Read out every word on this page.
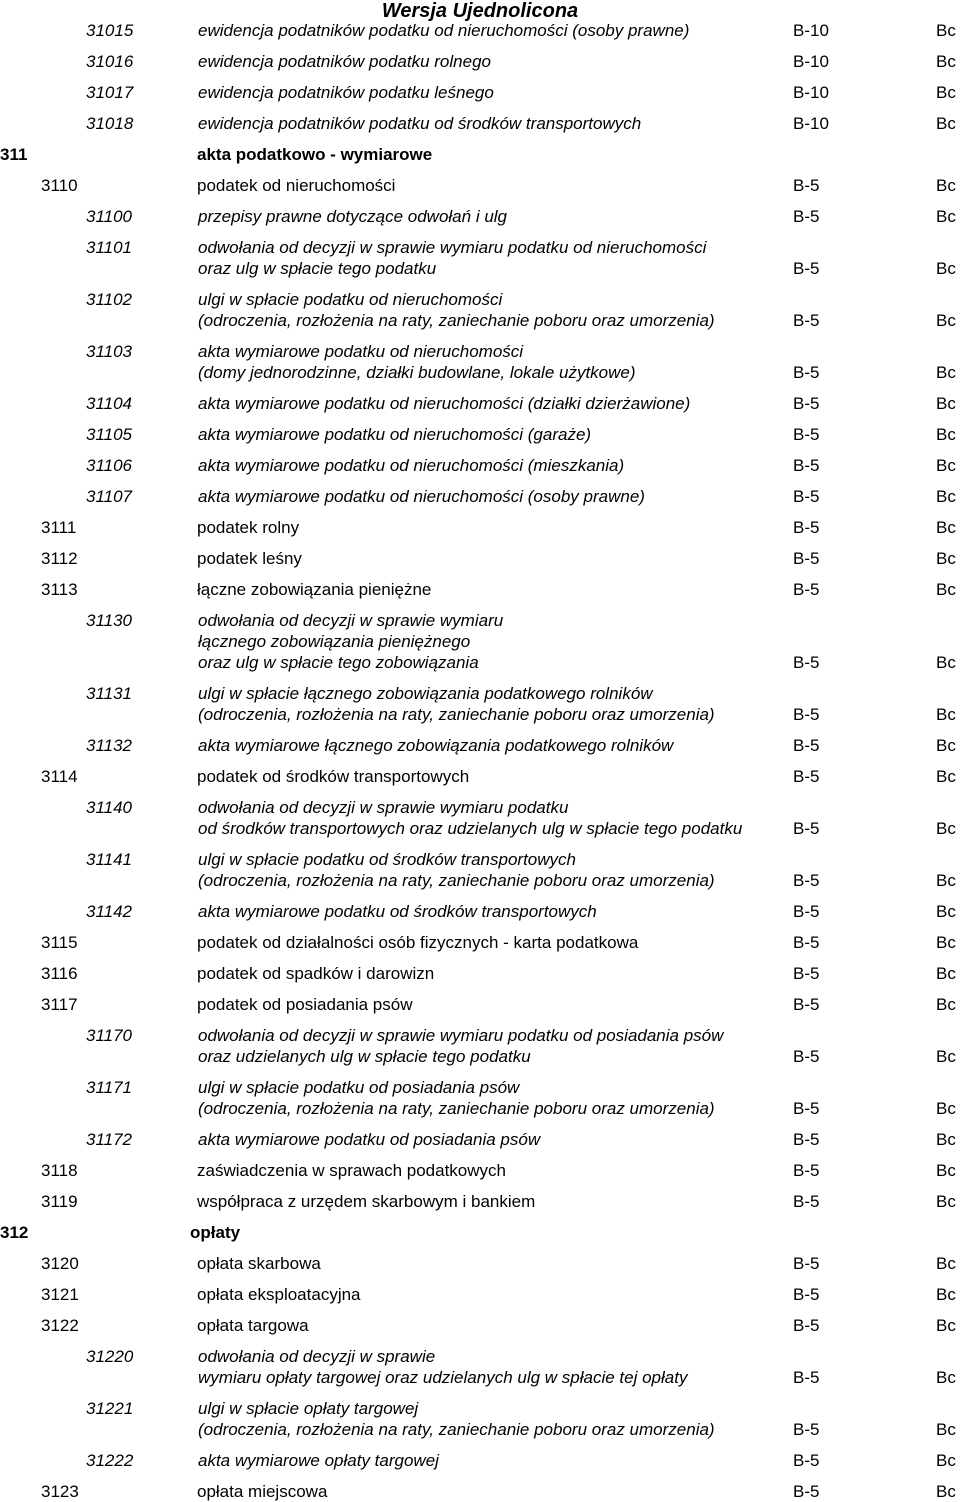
Wersja Ujednolicona
31015	ewidencja podatników podatku od nieruchomości (osoby prawne)	B-10	Bc
31016	ewidencja podatników podatku rolnego	B-10	Bc
31017	ewidencja podatników podatku leśnego	B-10	Bc
31018	ewidencja podatników podatku od środków transportowych	B-10	Bc
311	akta podatkowo - wymiarowe
3110	podatek od nieruchomości	B-5	Bc
31100	przepisy prawne dotyczące odwołań i ulg	B-5	Bc
31101	odwołania od decyzji w sprawie wymiaru podatku od nieruchomości
oraz ulg w spłacie tego podatku	B-5	Bc
31102	ulgi w spłacie podatku od nieruchomości
(odroczenia, rozłożenia na raty, zaniechanie poboru oraz umorzenia)	B-5	Bc
31103	akta wymiarowe podatku od nieruchomości
(domy jednorodzinne, działki budowlane, lokale użytkowe)	B-5	Bc
31104	akta wymiarowe podatku od nieruchomości (działki dzierżawione)	B-5	Bc
31105	akta wymiarowe podatku od nieruchomości (garaże)	B-5	Bc
31106	akta wymiarowe podatku od nieruchomości (mieszkania)	B-5	Bc
31107	akta wymiarowe podatku od nieruchomości (osoby prawne)	B-5	Bc
3111	podatek rolny	B-5	Bc
3112	podatek leśny	B-5	Bc
3113	łączne zobowiązania pieniężne	B-5	Bc
31130	odwołania od decyzji w sprawie wymiaru
łącznego zobowiązania pieniężnego
oraz ulg w spłacie tego zobowiązania	B-5	Bc
31131	ulgi w spłacie łącznego zobowiązania podatkowego rolników
(odroczenia, rozłożenia na raty, zaniechanie poboru oraz umorzenia)	B-5	Bc
31132	akta wymiarowe łącznego zobowiązania podatkowego rolników	B-5	Bc
3114	podatek od środków transportowych	B-5	Bc
31140	odwołania od decyzji w sprawie wymiaru podatku
od środków transportowych oraz udzielanych ulg w spłacie tego podatku	B-5	Bc
31141	ulgi w spłacie podatku od środków transportowych
(odroczenia, rozłożenia na raty, zaniechanie poboru oraz umorzenia)	B-5	Bc
31142	akta wymiarowe podatku od środków transportowych	B-5	Bc
3115	podatek od działalności osób fizycznych - karta podatkowa	B-5	Bc
3116	podatek od spadków i darowizn	B-5	Bc
3117	podatek od posiadania psów	B-5	Bc
31170	odwołania od decyzji w sprawie wymiaru podatku od posiadania psów
oraz udzielanych ulg w spłacie tego podatku	B-5	Bc
31171	ulgi w spłacie podatku od posiadania psów
(odroczenia, rozłożenia na raty, zaniechanie poboru oraz umorzenia)	B-5	Bc
31172	akta wymiarowe podatku od posiadania psów	B-5	Bc
3118	zaświadczenia w sprawach podatkowych	B-5	Bc
3119	współpraca z urzędem skarbowym i bankiem	B-5	Bc
312	opłaty
3120	opłata skarbowa	B-5	Bc
3121	opłata eksploatacyjna	B-5	Bc
3122	opłata targowa	B-5	Bc
31220	odwołania od decyzji w sprawie
wymiaru opłaty targowej oraz udzielanych ulg w spłacie tej opłaty	B-5	Bc
31221	ulgi w spłacie opłaty targowej
(odroczenia, rozłożenia na raty, zaniechanie poboru oraz umorzenia)	B-5	Bc
31222	akta wymiarowe opłaty targowej	B-5	Bc
3123	opłata miejscowa	B-5	Bc
